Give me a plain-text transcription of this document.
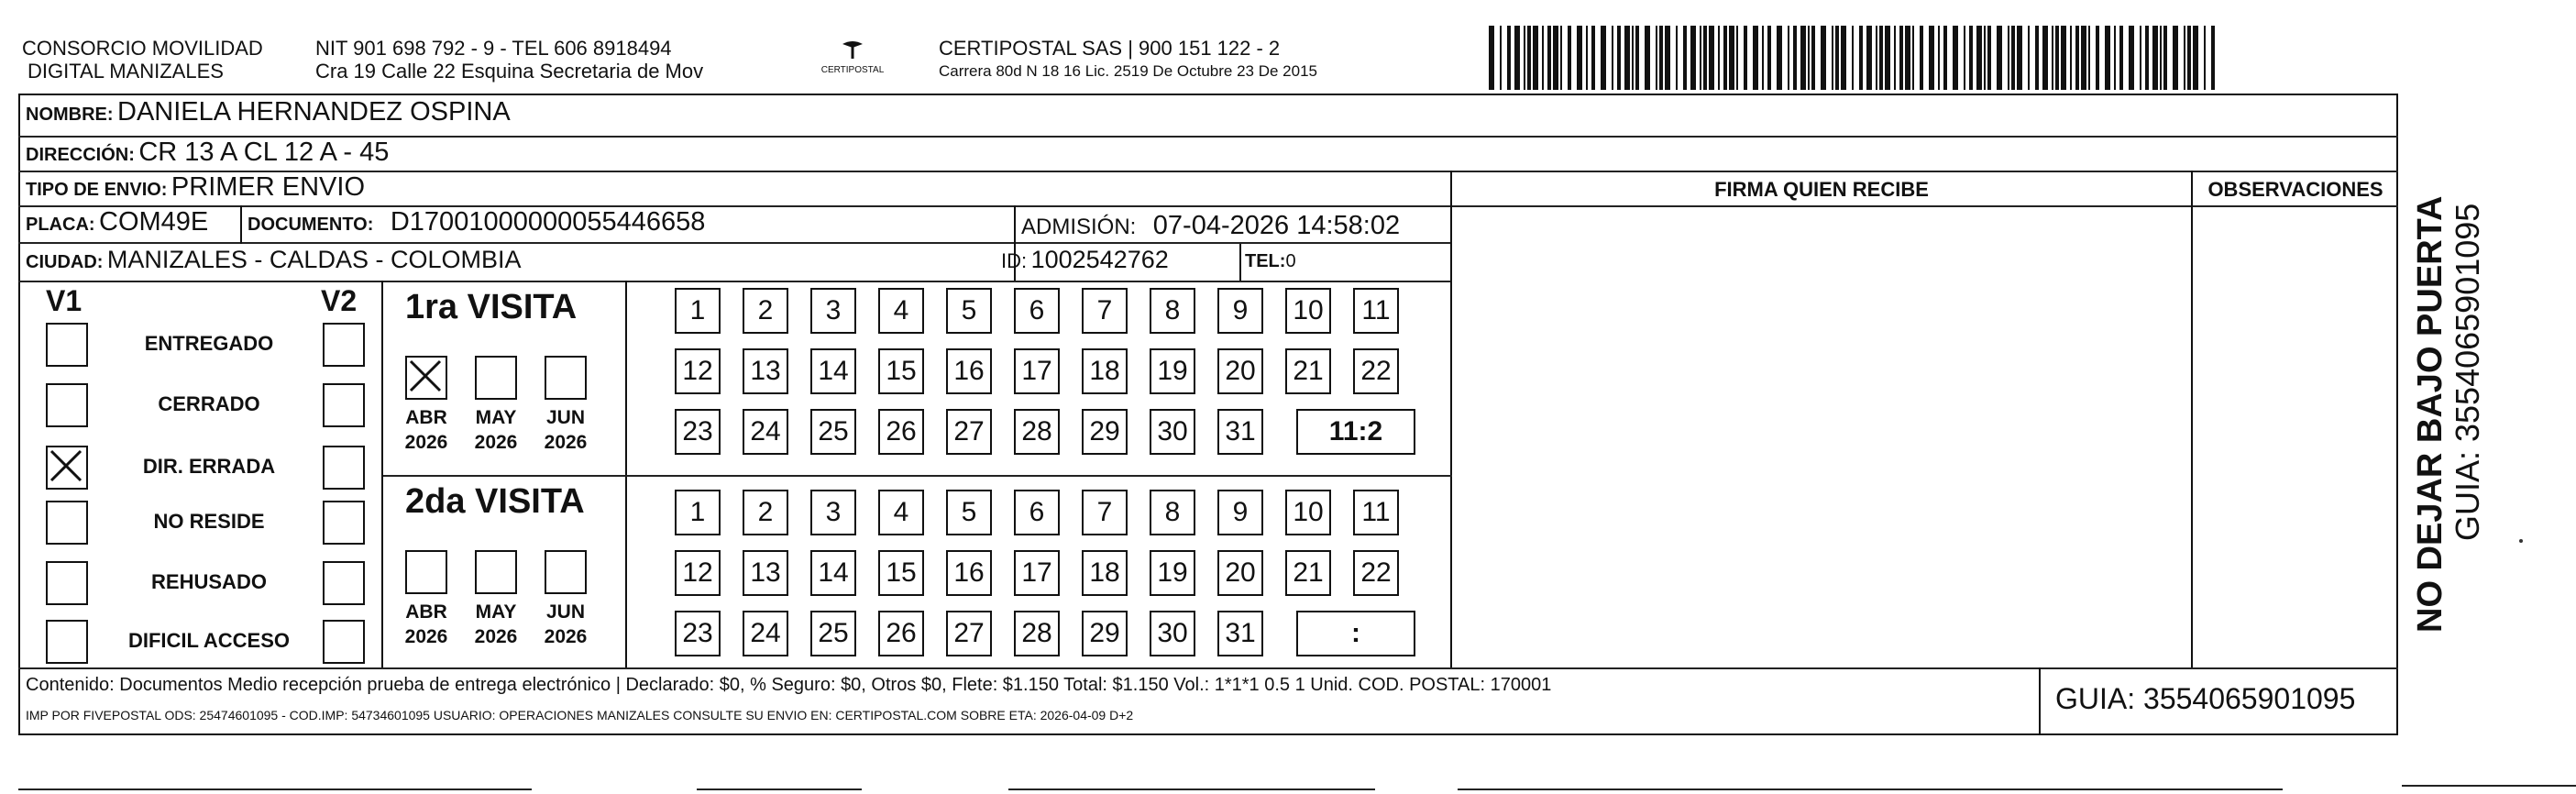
CONSORCIO MOVILIDAD
DIGITAL MANIZALES
NIT 901 698 792 - 9 - TEL 606 8918494
Cra 19 Calle 22 Esquina Secretaria de Mov	CERTIPOSTAL
CERTIPOSTAL SAS | 900 151 122 - 2
Carrera 80d N 18 16 Lic. 2519 De Octubre 23 De 2015
NOMBRE: DANIELA HERNANDEZ OSPINA
DIRECCIÓN: CR 13 A CL 12 A - 45
TIPO DE ENVIO: PRIMER ENVIO
PLACA: COM49E DOCUMENTO: D17001000000055446658	ADMISIÓN: 07-04-2026 14:58:02
CIUDAD: MANIZALES - CALDAS - COLOMBIA	ID: 1002542762	TEL:0
FIRMA QUIEN RECIBE	OBSERVACIONES
V1	V2
ENTREGADO
CERRADO
DIR. ERRADA
NO RESIDE
REHUSADO
DIFICIL ACCESO
1ra VISITA
2da VISITA
ABR
2026
MAY
2026
JUN
2026
ABR
2026
MAY
2026
JUN
2026
1	2	3	4	5	6	7	8	9	10	11
12 13 14 15 16 17 18 19 20 21 22
23 24 25 26 27 28 29 30 31	11:2
1	2	3	4	5	6	7	8	9	10	11
12 13 14 15 16 17 18 19 20 21 22
23 24 25 26 27 28 29 30 31	:
Contenido: Documentos Medio recepción prueba de entrega electrónico | Declarado: $0, % Seguro: $0, Otros $0, Flete: $1.150 Total: $1.150 Vol.: 1*1*1 0.5 1 Unid. COD. POSTAL: 170001
IMP POR FIVEPOSTAL ODS: 25474601095 - COD.IMP: 54734601095 USUARIO: OPERACIONES MANIZALES CONSULTE SU ENVIO EN: CERTIPOSTAL.COM SOBRE ETA: 2026-04-09 D+2	GUIA: 3554065901095
NO DEJAR BAJO PUERTA GUIA: 3554065901095
